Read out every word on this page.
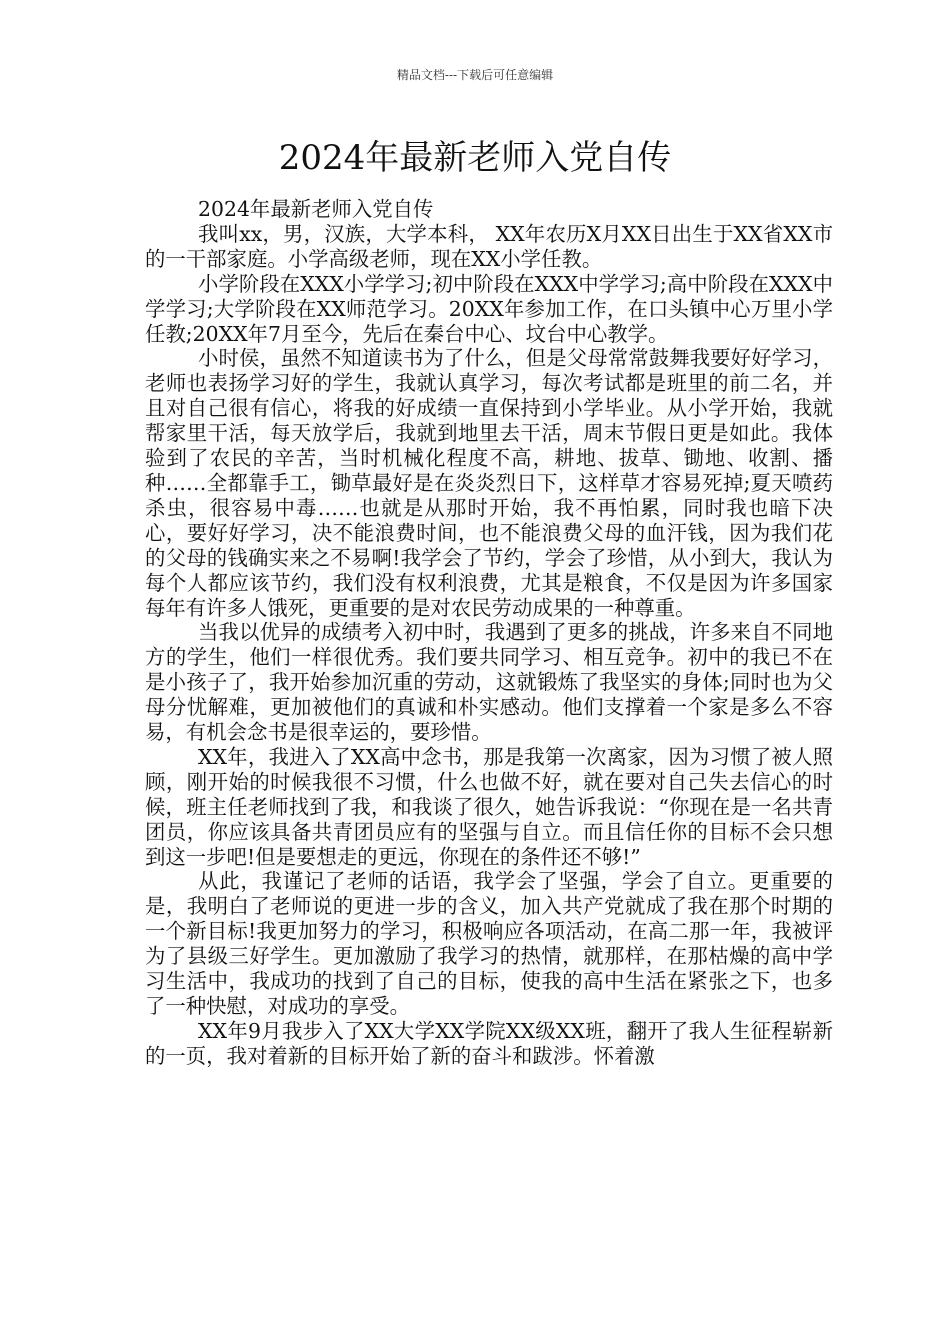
精品文档---下载后可任意编辑
2024年最新老师入党自传

2024年最新老师入党自传

我叫xx，男，汉族，大学本科， XX年农历X月XX日出生于XX省XX市的一干部家庭。小学高级老师，现在XX小学任教。

小学阶段在XXX小学学习;初中阶段在XXX中学学习;高中阶段在XXX中学学习;大学阶段在XX师范学习。20XX年参加工作，在口头镇中心万里小学任教;20XX年7月至今，先后在秦台中心、坟台中心教学。

小时侯，虽然不知道读书为了什么，但是父母常常鼓舞我要好好学习，老师也表扬学习好的学生，我就认真学习，每次考试都是班里的前二名，并且对自己很有信心，将我的好成绩一直保持到小学毕业。从小学开始，我就帮家里干活，每天放学后，我就到地里去干活，周末节假日更是如此。我体验到了农民的辛苦，当时机械化程度不高，耕地、拔草、锄地、收割、播种……全都靠手工，锄草最好是在炎炎烈日下，这样草才容易死掉;夏天喷药杀虫，很容易中毒……也就是从那时开始，我不再怕累，同时我也暗下决心，要好好学习，决不能浪费时间，也不能浪费父母的血汗钱，因为我们花的父母的钱确实来之不易啊!我学会了节约，学会了珍惜，从小到大，我认为每个人都应该节约，我们没有权利浪费，尤其是粮食，不仅是因为许多国家每年有许多人饿死，更重要的是对农民劳动成果的一种尊重。

当我以优异的成绩考入初中时，我遇到了更多的挑战，许多来自不同地方的学生，他们一样很优秀。我们要共同学习、相互竞争。初中的我已不在是小孩子了，我开始参加沉重的劳动，这就锻炼了我坚实的身体;同时也为父母分忧解难，更加被他们的真诚和朴实感动。他们支撑着一个家是多么不容易，有机会念书是很幸运的，要珍惜。

XX年，我进入了XX高中念书，那是我第一次离家，因为习惯了被人照顾，刚开始的时候我很不习惯，什么也做不好，就在要对自己失去信心的时候，班主任老师找到了我，和我谈了很久，她告诉我说：“你现在是一名共青团员，你应该具备共青团员应有的坚强与自立。而且信任你的目标不会只想到这一步吧!但是要想走的更远，你现在的条件还不够!”

从此，我谨记了老师的话语，我学会了坚强，学会了自立。更重要的是，我明白了老师说的更进一步的含义，加入共产党就成了我在那个时期的一个新目标!我更加努力的学习，积极响应各项活动，在高二那一年，我被评为了县级三好学生。更加激励了我学习的热情，就那样，在那枯燥的高中学习生活中，我成功的找到了自己的目标，使我的高中生活在紧张之下，也多了一种快慰，对成功的享受。

XX年9月我步入了XX大学XX学院XX级XX班，翻开了我人生征程崭新的一页，我对着新的目标开始了新的奋斗和跋涉。怀着激
